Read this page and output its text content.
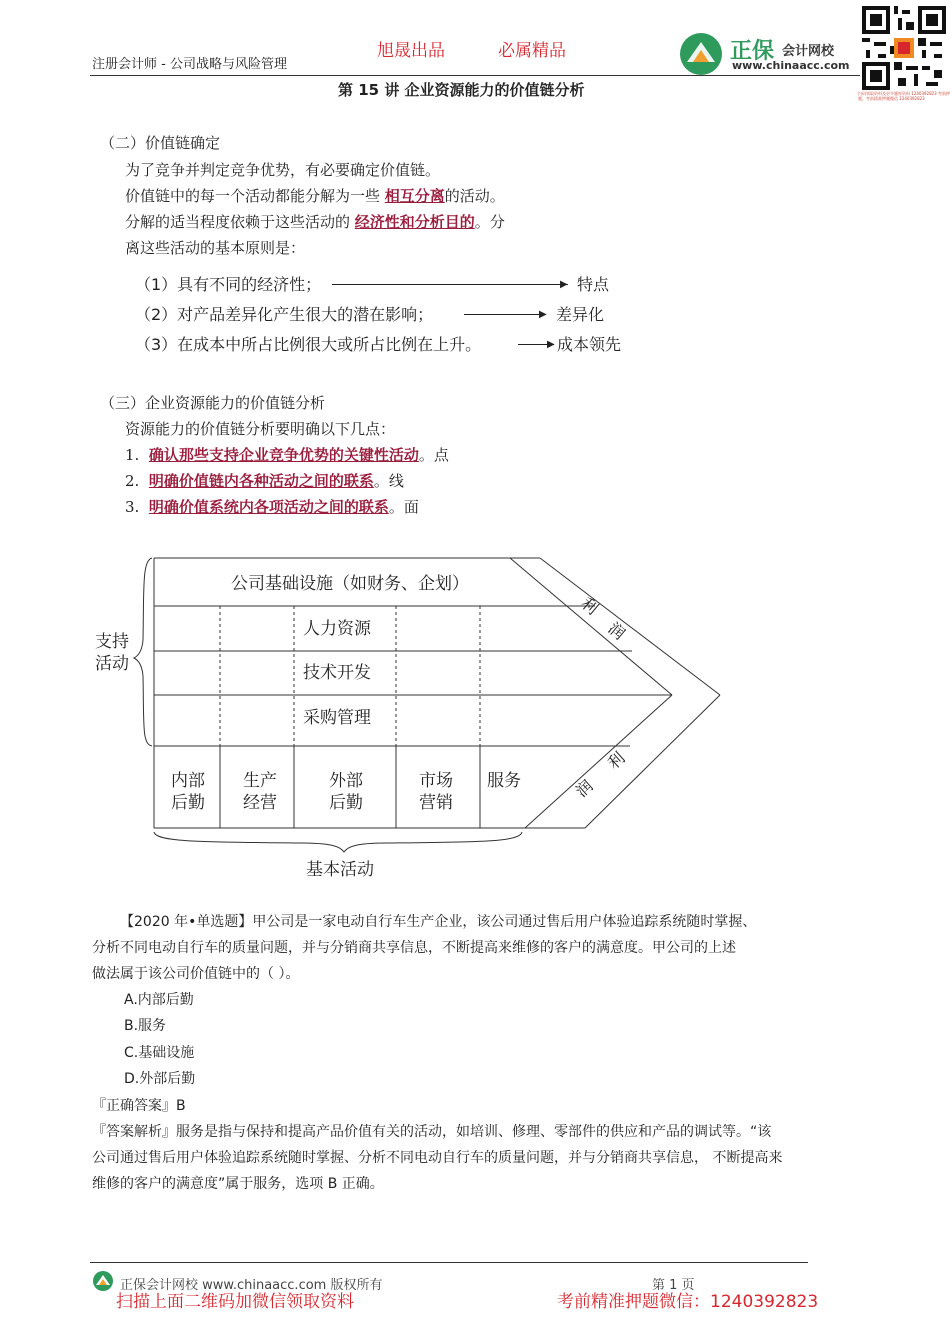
注册会计师 - 公司战略与风险管理
旭晟出品	必属精品	正保 会计网校
www.chinaacc.com
扫码领取资料及更多题库资料 1240392823 考前押题，考前精准押题微信 1240392823
第 15 讲 企业资源能力的价值链分析
（二）价值链确定
为了竞争并判定竞争优势，有必要确定价值链。
价值链中的每一个活动都能分解为一些 相互分离的活动。
分解的适当程度依赖于这些活动的 经济性和分析目的。分
离这些活动的基本原则是：
（1）具有不同的经济性；	▶ 特点
（2）对产品差异化产生很大的潜在影响；	▶ 差异化
（3）在成本中所占比例很大或所占比例在上升。	▶ 成本领先
（三）企业资源能力的价值链分析
资源能力的价值链分析要明确以下几点：
1. 确认那些支持企业竞争优势的关键性活动。点
2. 明确价值链内各种活动之间的联系。线
3. 明确价值系统内各项活动之间的联系。面
支持
活动
公司基础设施（如财务、企划）
人力资源
技术开发
采购管理
内部
后勤
生产
经营
外部
后勤
市场
营销
服务
基本活动
利
润
利
润
【2020 年•单选题】甲公司是一家电动自行车生产企业，该公司通过售后用户体验追踪系统随时掌握、
分析不同电动自行车的质量问题，并与分销商共享信息，不断提高来维修的客户的满意度。甲公司的上述
做法属于该公司价值链中的（ ）。
A.内部后勤
B.服务
C.基础设施
D.外部后勤
『正确答案』B
『答案解析』服务是指与保持和提高产品价值有关的活动，如培训、修理、零部件的供应和产品的调试等。“该
公司通过售后用户体验追踪系统随时掌握、分析不同电动自行车的质量问题，并与分销商共享信息， 不断提高来
维修的客户的满意度”属于服务，选项 B 正确。
正保会计网校 www.chinaacc.com 版权所有	第 1 页
扫描上面二维码加微信领取资料	考前精准押题微信：1240392823
